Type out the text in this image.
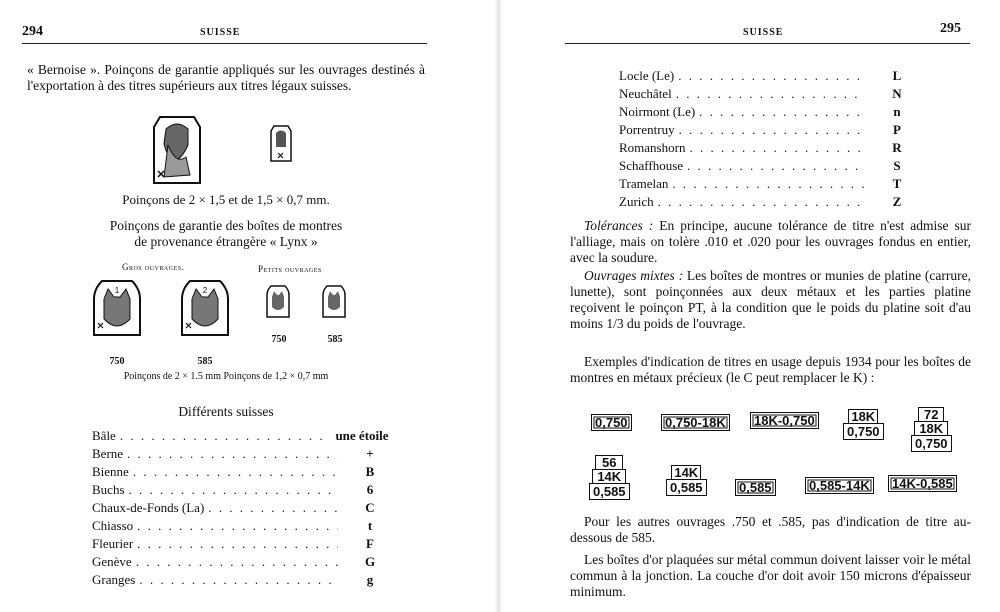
294	SUISSE

« Bernoise ». Poinçons de garantie appliqués sur les ouvrages destinés à l'exportation à des titres supérieurs aux titres légaux suisses.

Poinçons de 2 × 1,5 et de 1,5 × 0,7 mm.
Poinçons de garantie des boîtes de montres
de provenance étrangère « Lynx »
Gros ouvrages.	Petits ouvrages
1	2
750	585
750	585
Poinçons de 2 × 1.5 mm Poinçons de 1,2 × 0,7 mm
Différents suisses
Bâle . . .	une étoile
Berne . . .	+
Bienne . . .	B
Buchs . . .	6
Chaux-de-Fonds (La) . . .	C
Chiasso . . .	t
Fleurier . . .	F
Genève . . .	G
Granges . . .	g
SUISSE	295
Locle (Le) . . .	L
Neuchâtel . . .	N
Noirmont (Le) . . .	n
Porrentruy . . .	P
Romanshorn . . .	R
Schaffhouse . . .	S
Tramelan . . .	T
Zurich . . .	Z

Tolérances : En principe, aucune tolérance de titre n'est admise sur l'alliage, mais on tolère .010 et .020 pour les ouvrages fondus en entier, avec la soudure.

Ouvrages mixtes : Les boîtes de montres or munies de platine (carrure, lunette), sont poinçonnées aux deux métaux et les parties platine reçoivent le poinçon PT, à la condition que le poids du platine soit d'au moins 1/3 du poids de l'ouvrage.

Exemples d'indication de titres en usage depuis 1934 pour les boîtes de montres en métaux précieux (le C peut remplacer le K) :

0,750	0,750-18K	18K-0,750	18K
0,750
72
18K
0,750
56
14K
0,585
14K
0,585	0,585	0,585-14K	14K-0,585

Pour les autres ouvrages .750 et .585, pas d'indication de titre au-dessous de 585.

Les boîtes d'or plaquées sur métal commun doivent laisser voir le métal commun à la jonction. La couche d'or doit avoir 150 microns d'épaisseur minimum.
